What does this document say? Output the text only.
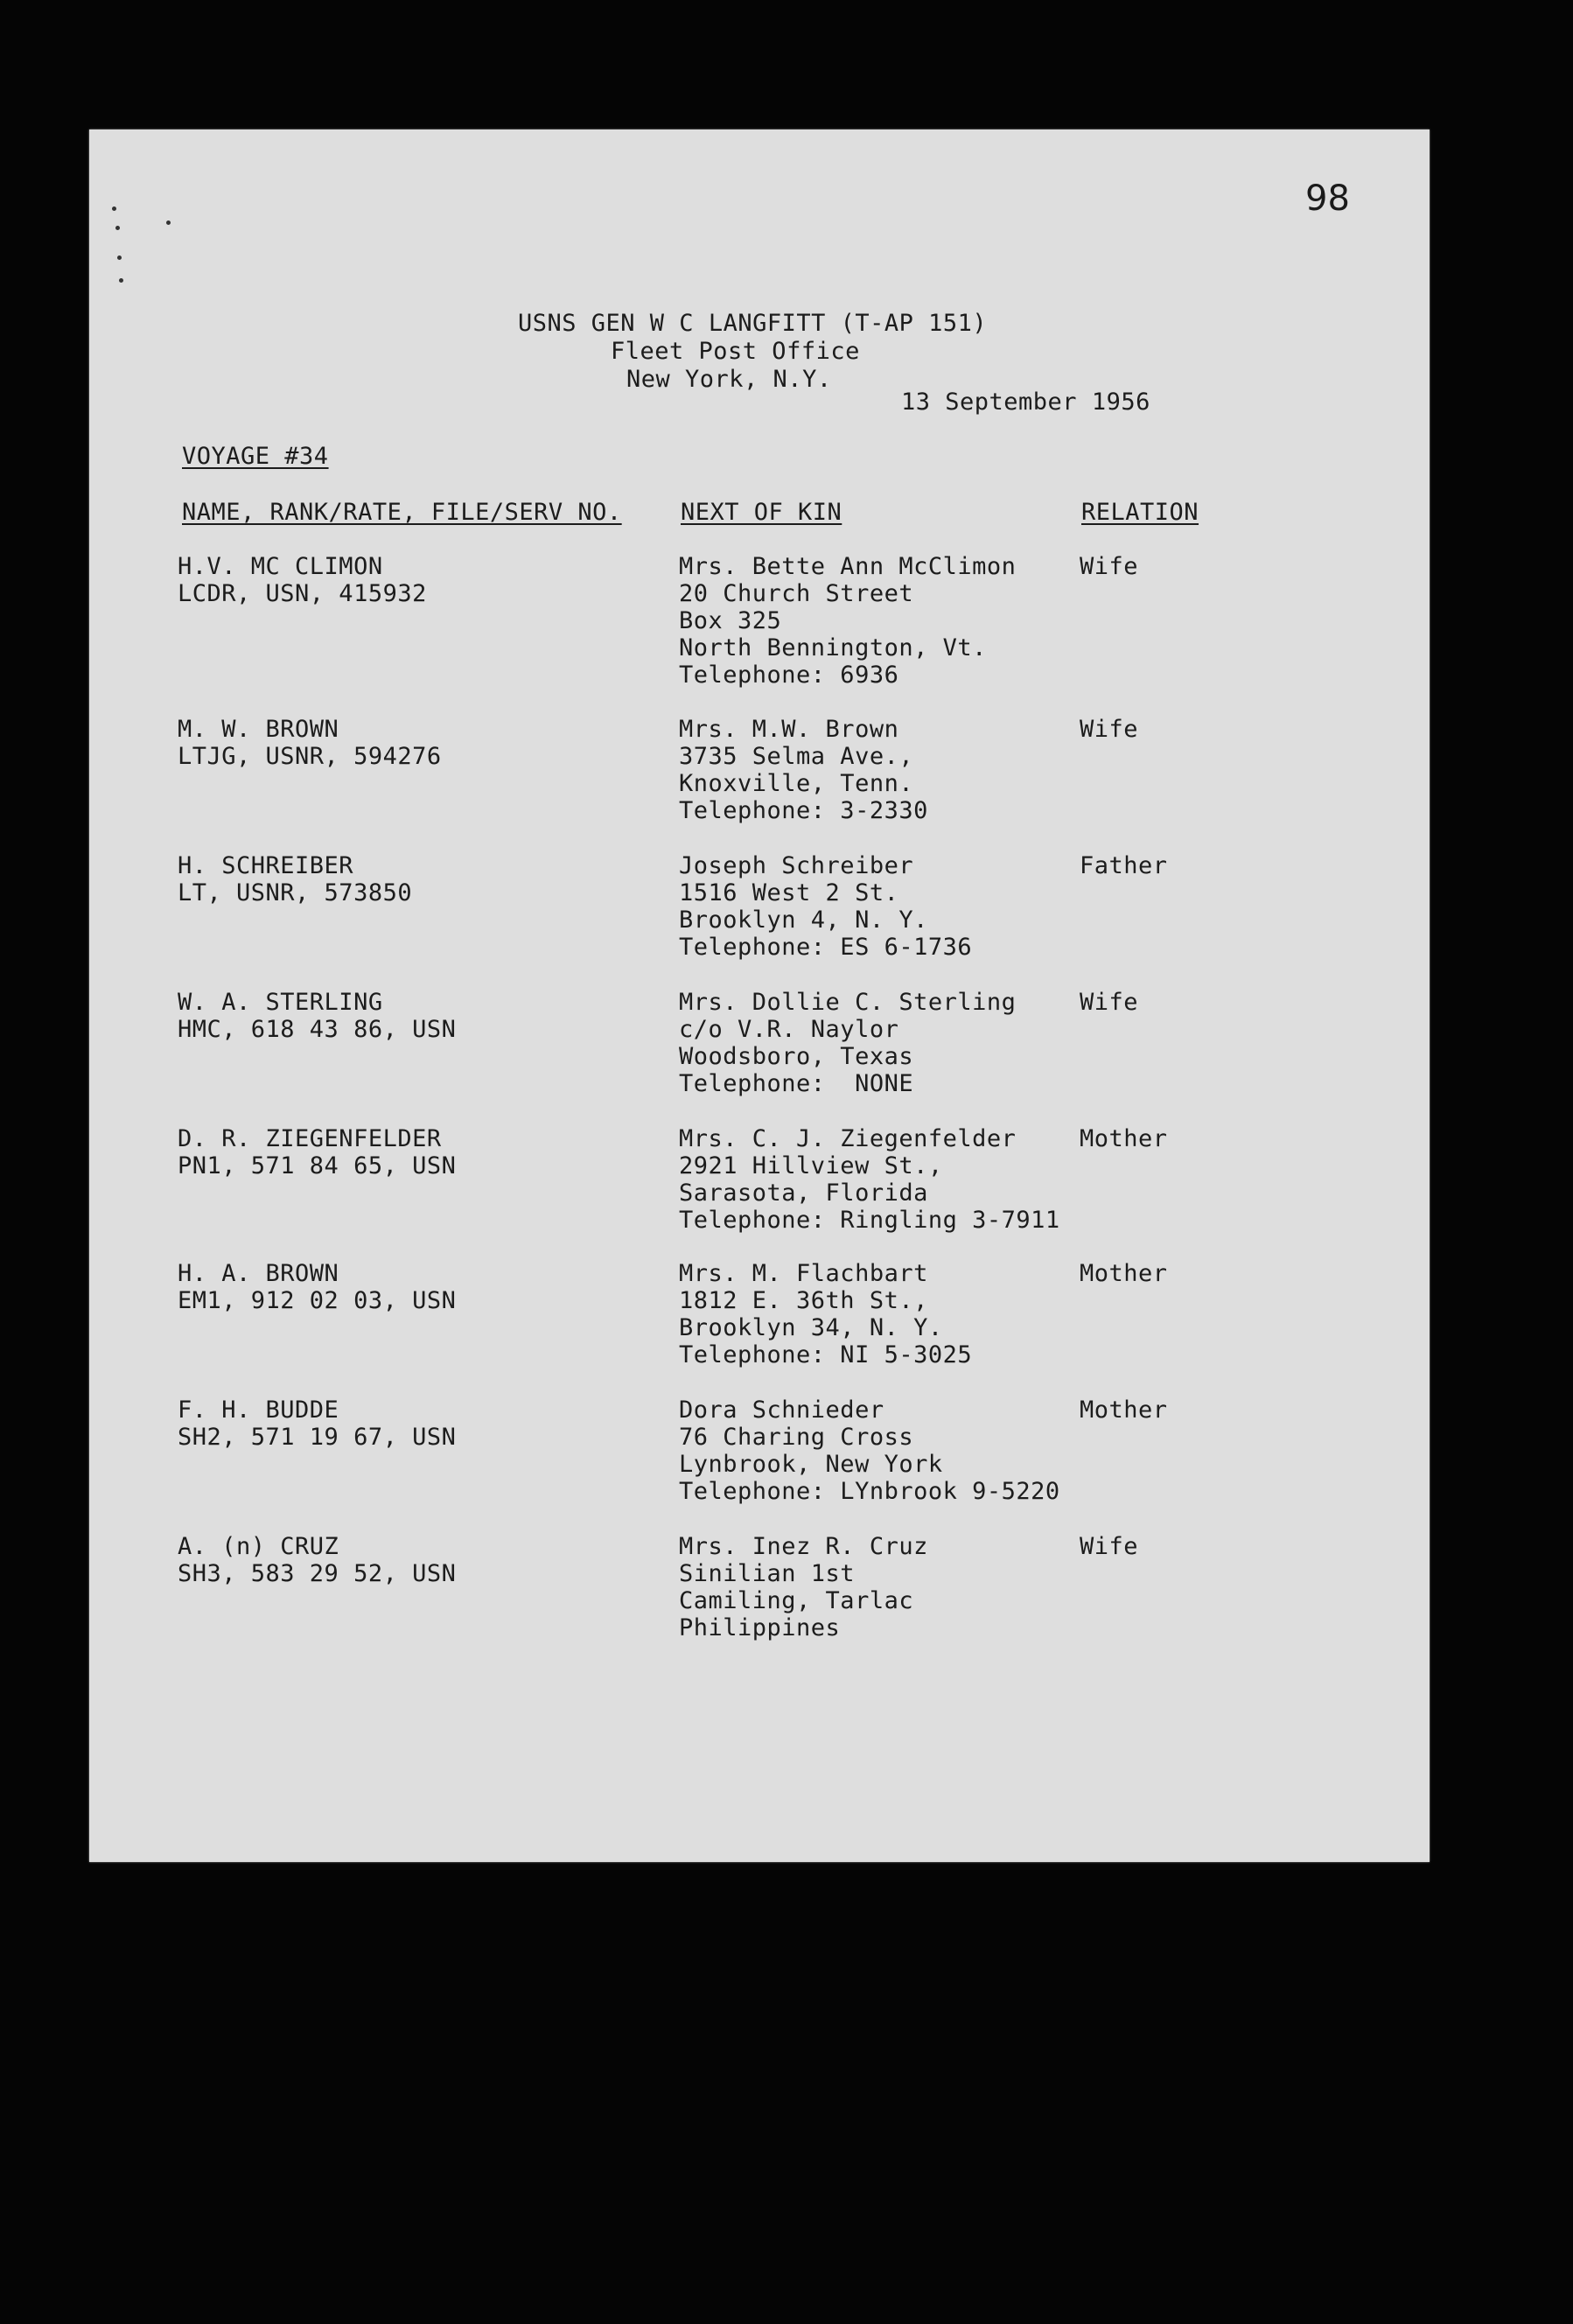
98
USNS GEN W C LANGFITT (T-AP 151)
Fleet Post Office
New York, N.Y.
13 September 1956
VOYAGE #34
NAME, RANK/RATE, FILE/SERV NO. NEXT OF KIN	RELATION
H.V. MC CLIMON
LCDR, USN, 415932
Mrs. Bette Ann McClimon
20 Church Street
Box 325
North Bennington, Vt.
Telephone: 6936
Wife
M. W. BROWN
LTJG, USNR, 594276
Mrs. M.W. Brown
3735 Selma Ave.,
Knoxville, Tenn.
Telephone: 3-2330
Wife
H. SCHREIBER
LT, USNR, 573850
Joseph Schreiber
1516 West 2 St.
Brooklyn 4, N. Y.
Telephone: ES 6-1736
Father
W. A. STERLING
HMC, 618 43 86, USN
Mrs. Dollie C. Sterling
c/o V.R. Naylor
Woodsboro, Texas
Telephone:  NONE
Wife
D. R. ZIEGENFELDER
PN1, 571 84 65, USN
Mrs. C. J. Ziegenfelder
2921 Hillview St.,
Sarasota, Florida
Telephone: Ringling 3-7911
Mother
H. A. BROWN
EM1, 912 02 03, USN
Mrs. M. Flachbart
1812 E. 36th St.,
Brooklyn 34, N. Y.
Telephone: NI 5-3025
Mother
F. H. BUDDE
SH2, 571 19 67, USN
Dora Schnieder
76 Charing Cross
Lynbrook, New York
Telephone: LYnbrook 9-5220
Mother
A. (n) CRUZ
SH3, 583 29 52, USN
Mrs. Inez R. Cruz
Sinilian 1st
Camiling, Tarlac
Philippines
Wife
